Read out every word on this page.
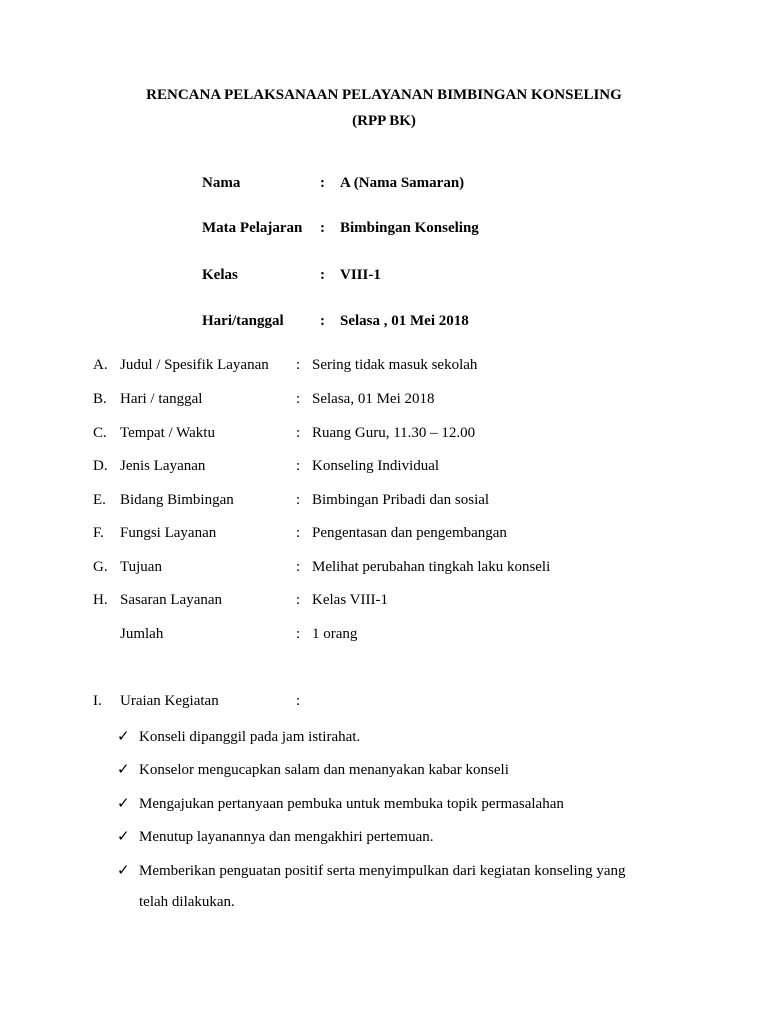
RENCANA PELAKSANAAN PELAYANAN BIMBINGAN KONSELING
(RPP BK)
Nama	: A (Nama Samaran)
Mata Pelajaran : Bimbingan Konseling
Kelas	: VIII-1
Hari/tanggal : Selasa , 01 Mei 2018
A. Judul / Spesifik Layanan : Sering tidak masuk sekolah
B. Hari / tanggal	: Selasa, 01 Mei 2018
C. Tempat / Waktu	: Ruang Guru, 11.30 – 12.00
D. Jenis Layanan	: Konseling Individual
E. Bidang Bimbingan	: Bimbingan Pribadi dan sosial
F. Fungsi Layanan	: Pengentasan dan pengembangan
G. Tujuan	: Melihat perubahan tingkah laku konseli
H. Sasaran Layanan	: Kelas VIII-1
Jumlah	: 1 orang
I. Uraian Kegiatan	:
✓ Konseli dipanggil pada jam istirahat.
✓ Konselor mengucapkan salam dan menanyakan kabar konseli
✓ Mengajukan pertanyaan pembuka untuk membuka topik permasalahan
✓ Menutup layanannya dan mengakhiri pertemuan.
✓ Memberikan penguatan positif serta menyimpulkan dari kegiatan konseling yang
telah dilakukan.
